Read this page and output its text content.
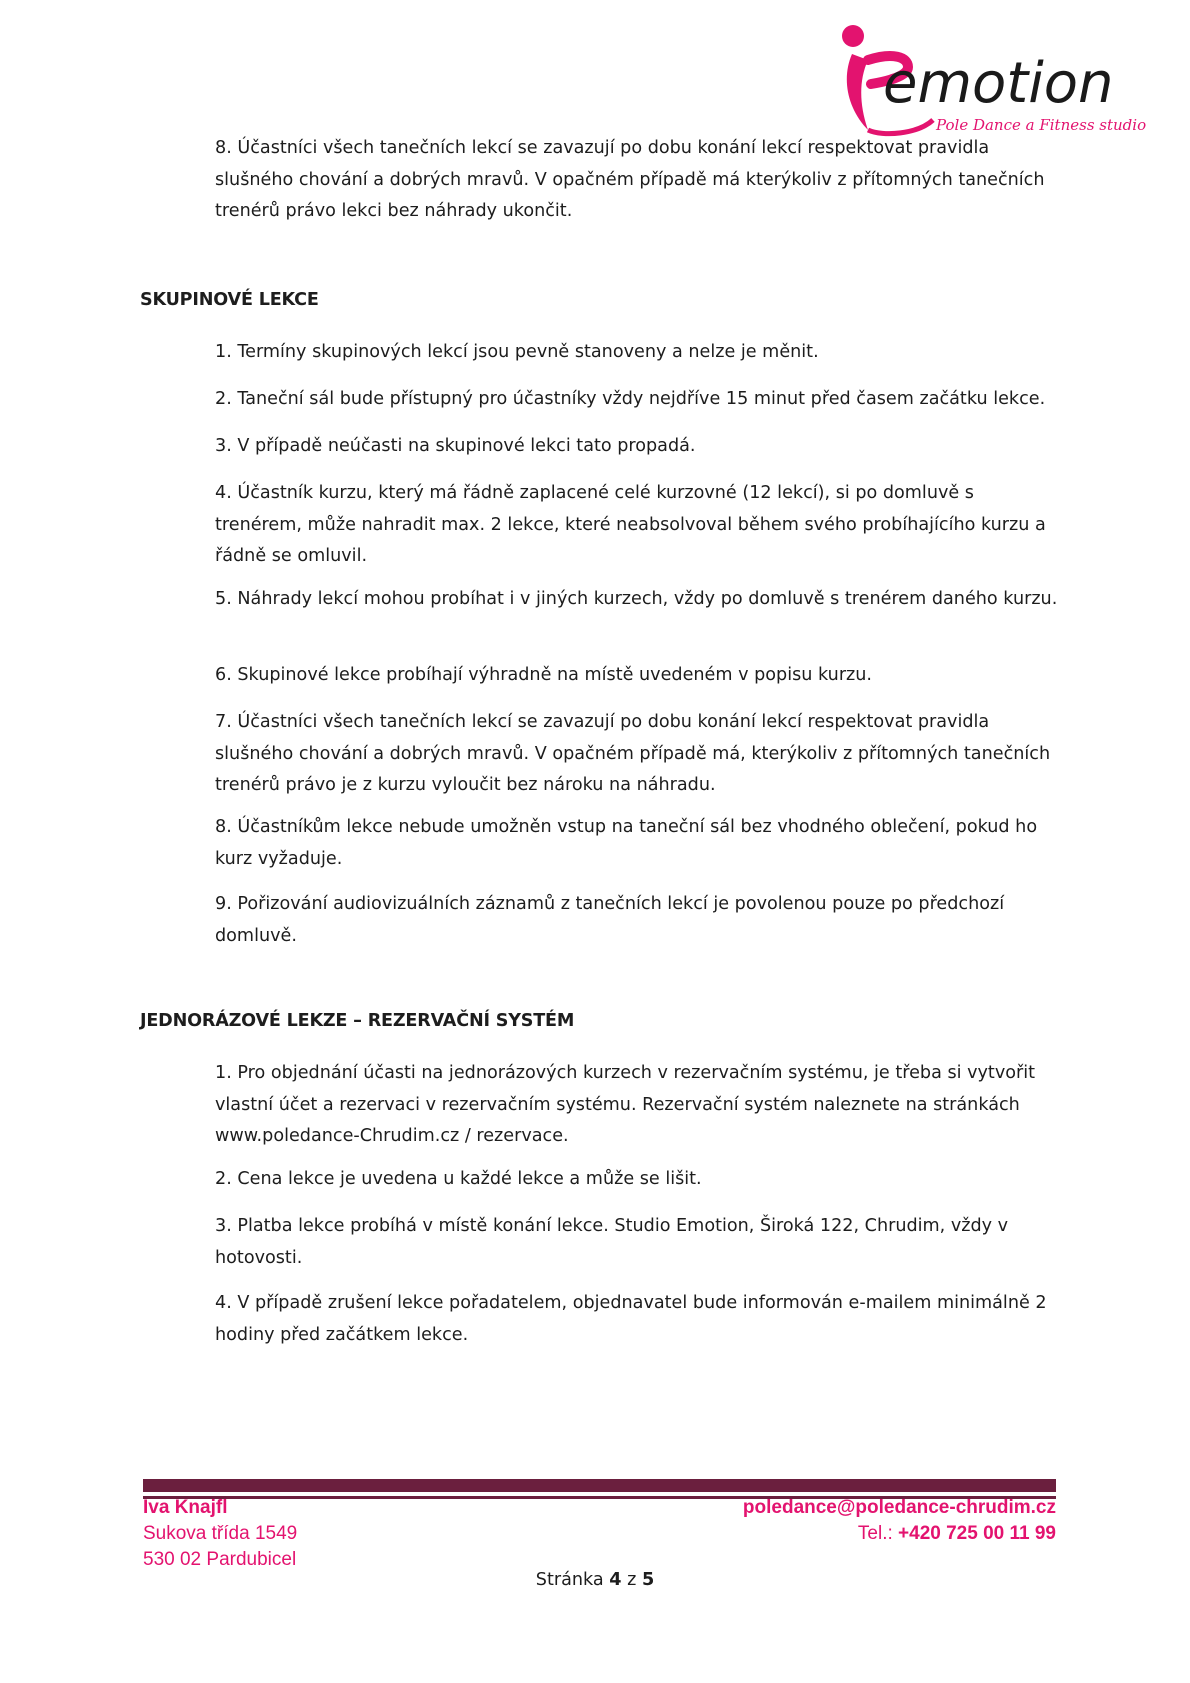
emotion
Pole Dance a Fitness studio

8. Účastníci všech tanečních lekcí se zavazují po dobu konání lekcí respektovat pravidla slušného chování a dobrých mravů. V opačném případě má kterýkoliv z přítomných tanečních trenérů právo lekci bez náhrady ukončit.

SKUPINOVÉ LEKCE

1. Termíny skupinových lekcí jsou pevně stanoveny a nelze je měnit.

2. Taneční sál bude přístupný pro účastníky vždy nejdříve 15 minut před časem začátku lekce.

3. V případě neúčasti na skupinové lekci tato propadá.

4. Účastník kurzu, který má řádně zaplacené celé kurzovné (12 lekcí), si po domluvě s trenérem, může nahradit max. 2 lekce, které neabsolvoval během svého probíhajícího kurzu a řádně se omluvil.

5. Náhrady lekcí mohou probíhat i v jiných kurzech, vždy po domluvě s trenérem daného kurzu.

6. Skupinové lekce probíhají výhradně na místě uvedeném v popisu kurzu.

7. Účastníci všech tanečních lekcí se zavazují po dobu konání lekcí respektovat pravidla slušného chování a dobrých mravů. V opačném případě má, kterýkoliv z přítomných tanečních trenérů právo je z kurzu vyloučit bez nároku na náhradu.

8. Účastníkům lekce nebude umožněn vstup na taneční sál bez vhodného oblečení, pokud ho kurz vyžaduje.

9. Pořizování audiovizuálních záznamů z tanečních lekcí je povolenou pouze po předchozí domluvě.

JEDNORÁZOVÉ LEKZE – REZERVAČNÍ SYSTÉM

1. Pro objednání účasti na jednorázových kurzech v rezervačním systému, je třeba si vytvořit vlastní účet a rezervaci v rezervačním systému. Rezervační systém naleznete na stránkách www.poledance-Chrudim.cz / rezervace.

2. Cena lekce je uvedena u každé lekce a může se lišit.

3. Platba lekce probíhá v místě konání lekce. Studio Emotion, Široká 122, Chrudim, vždy v hotovosti.

4. V případě zrušení lekce pořadatelem, objednavatel bude informován e-mailem minimálně 2 hodiny před začátkem lekce.

Iva Knajfl
Sukova třída 1549
530 02 Pardubicel
poledance@poledance-chrudim.cz
Tel.: +420 725 00 11 99
Stránka 4 z 5
